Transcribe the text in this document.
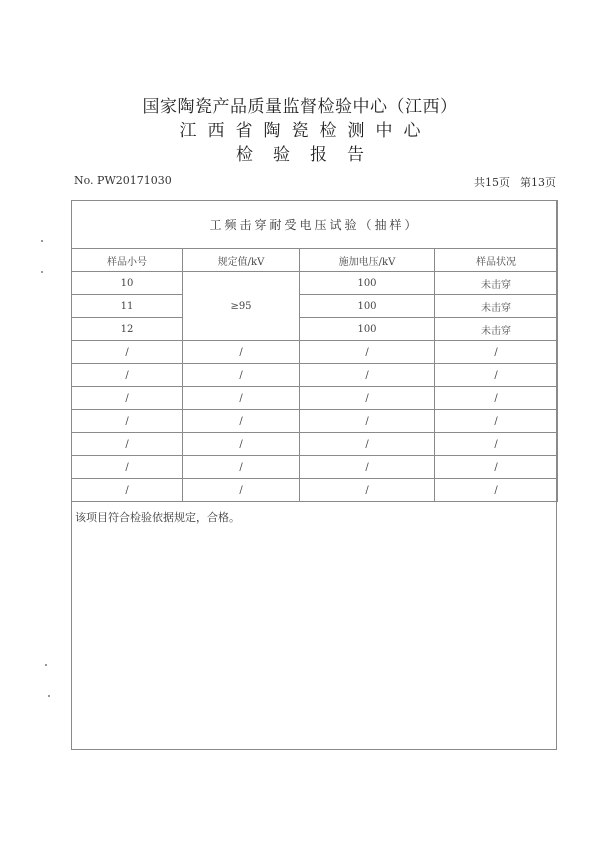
国家陶瓷产品质量监督检验中心（江西）
江西省陶瓷检测中心
检验报告
No. PW20171030	共15页 第13页
工频击穿耐受电压试验（抽样）			
样品小号	规定值/kV	施加电压/kV	样品状况
10	≥95	100	未击穿
11		100	未击穿
12		100	未击穿
/	/	/	/
/	/	/	/
/	/	/	/
/	/	/	/
/	/	/	/
/	/	/	/
/	/	/	/
该项目符合检验依据规定，合格。
